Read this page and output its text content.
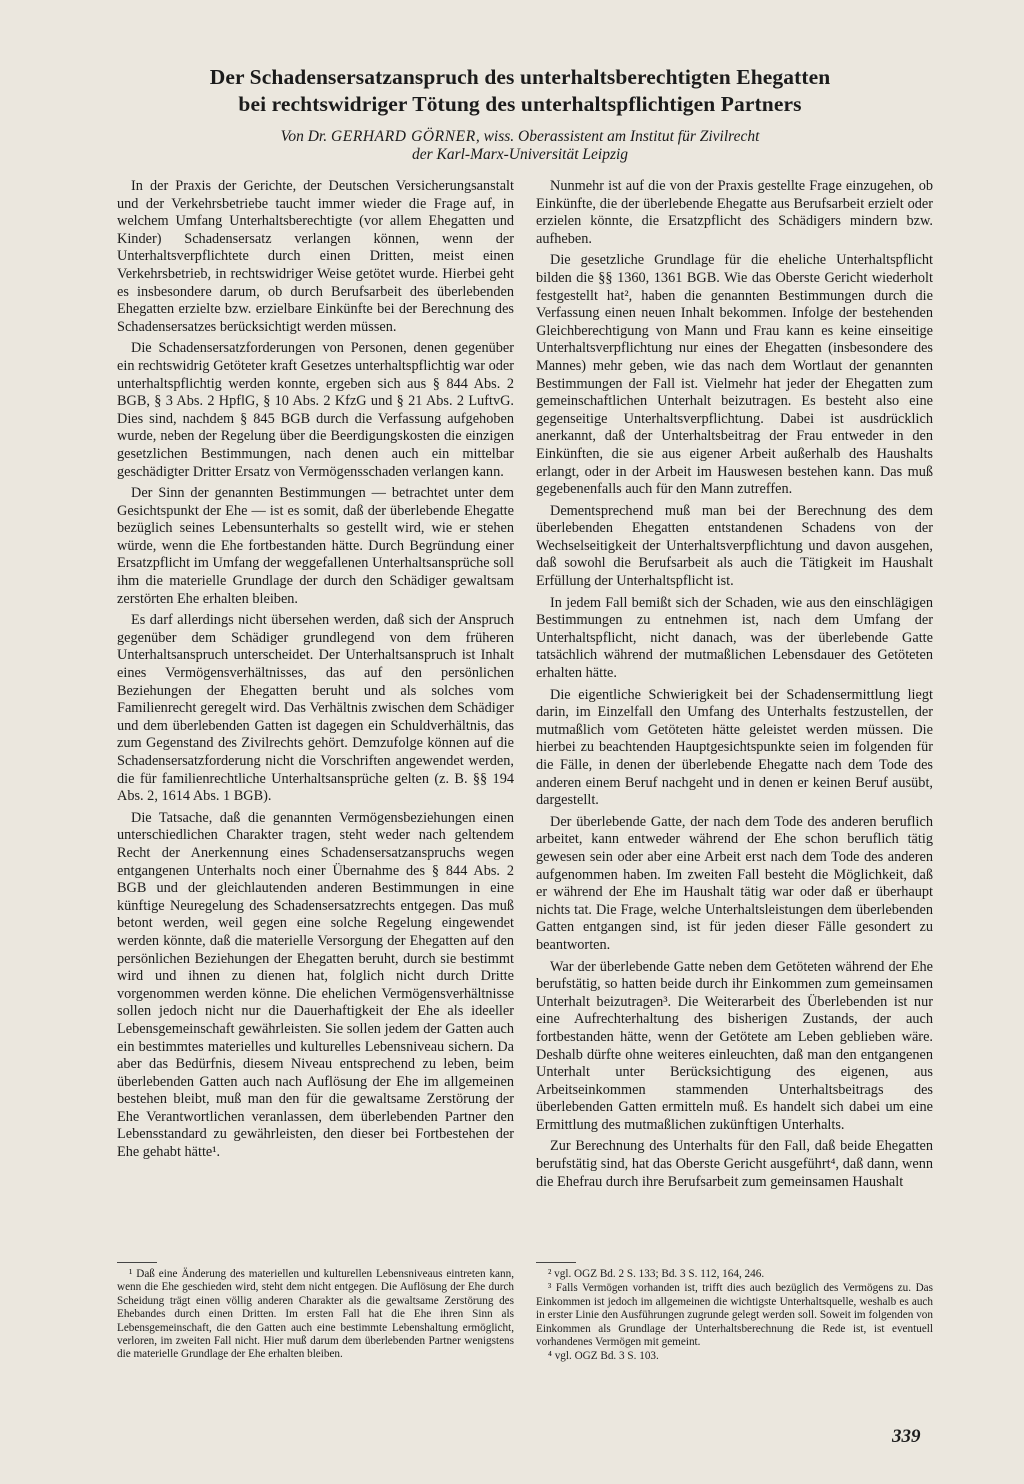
Der Schadensersatzanspruch des unterhaltsberechtigten Ehegatten
bei rechtswidriger Tötung des unterhaltspflichtigen Partners
Von Dr. GERHARD GÖRNER, wiss. Oberassistent am Institut für Zivilrecht
der Karl-Marx-Universität Leipzig

In der Praxis der Gerichte, der Deutschen Versicherungsanstalt und der Verkehrsbetriebe taucht immer wieder die Frage auf, in welchem Umfang Unterhaltsberechtigte (vor allem Ehegatten und Kinder) Schadensersatz verlangen können, wenn der Unterhaltsverpflichtete durch einen Dritten, meist einen Verkehrsbetrieb, in rechtswidriger Weise getötet wurde. Hierbei geht es insbesondere darum, ob durch Berufsarbeit des überlebenden Ehegatten erzielte bzw. erzielbare Einkünfte bei der Berechnung des Schadensersatzes berücksichtigt werden müssen.

Die Schadensersatzforderungen von Personen, denen gegenüber ein rechtswidrig Getöteter kraft Gesetzes unterhaltspflichtig war oder unterhaltspflichtig werden konnte, ergeben sich aus § 844 Abs. 2 BGB, § 3 Abs. 2 HpflG, § 10 Abs. 2 KfzG und § 21 Abs. 2 LuftvG. Dies sind, nachdem § 845 BGB durch die Verfassung aufgehoben wurde, neben der Regelung über die Beerdigungskosten die einzigen gesetzlichen Bestimmungen, nach denen auch ein mittelbar geschädigter Dritter Ersatz von Vermögensschaden verlangen kann.

Der Sinn der genannten Bestimmungen — betrachtet unter dem Gesichtspunkt der Ehe — ist es somit, daß der überlebende Ehegatte bezüglich seines Lebensunterhalts so gestellt wird, wie er stehen würde, wenn die Ehe fortbestanden hätte. Durch Begründung einer Ersatzpflicht im Umfang der weggefallenen Unterhaltsansprüche soll ihm die materielle Grundlage der durch den Schädiger gewaltsam zerstörten Ehe erhalten bleiben.

Es darf allerdings nicht übersehen werden, daß sich der Anspruch gegenüber dem Schädiger grundlegend von dem früheren Unterhaltsanspruch unterscheidet. Der Unterhaltsanspruch ist Inhalt eines Vermögensverhältnisses, das auf den persönlichen Beziehungen der Ehegatten beruht und als solches vom Familienrecht geregelt wird. Das Verhältnis zwischen dem Schädiger und dem überlebenden Gatten ist dagegen ein Schuldverhältnis, das zum Gegenstand des Zivilrechts gehört. Demzufolge können auf die Schadensersatzforderung nicht die Vorschriften angewendet werden, die für familienrechtliche Unterhaltsansprüche gelten (z. B. §§ 194 Abs. 2, 1614 Abs. 1 BGB).

Die Tatsache, daß die genannten Vermögensbeziehungen einen unterschiedlichen Charakter tragen, steht weder nach geltendem Recht der Anerkennung eines Schadensersatzanspruchs wegen entgangenen Unterhalts noch einer Übernahme des § 844 Abs. 2 BGB und der gleichlautenden anderen Bestimmungen in eine künftige Neuregelung des Schadensersatzrechts entgegen. Das muß betont werden, weil gegen eine solche Regelung eingewendet werden könnte, daß die materielle Versorgung der Ehegatten auf den persönlichen Beziehungen der Ehegatten beruht, durch sie bestimmt wird und ihnen zu dienen hat, folglich nicht durch Dritte vorgenommen werden könne. Die ehelichen Vermögensverhältnisse sollen jedoch nicht nur die Dauerhaftigkeit der Ehe als ideeller Lebensgemeinschaft gewährleisten. Sie sollen jedem der Gatten auch ein bestimmtes materielles und kulturelles Lebensniveau sichern. Da aber das Bedürfnis, diesem Niveau entsprechend zu leben, beim überlebenden Gatten auch nach Auflösung der Ehe im allgemeinen bestehen bleibt, muß man den für die gewaltsame Zerstörung der Ehe Verantwortlichen veranlassen, dem überlebenden Partner den Lebensstandard zu gewährleisten, den dieser bei Fortbestehen der Ehe gehabt hätte¹.

Nunmehr ist auf die von der Praxis gestellte Frage einzugehen, ob Einkünfte, die der überlebende Ehegatte aus Berufsarbeit erzielt oder erzielen könnte, die Ersatzpflicht des Schädigers mindern bzw. aufheben.

Die gesetzliche Grundlage für die eheliche Unterhaltspflicht bilden die §§ 1360, 1361 BGB. Wie das Oberste Gericht wiederholt festgestellt hat², haben die genannten Bestimmungen durch die Verfassung einen neuen Inhalt bekommen. Infolge der bestehenden Gleichberechtigung von Mann und Frau kann es keine einseitige Unterhaltsverpflichtung nur eines der Ehegatten (insbesondere des Mannes) mehr geben, wie das nach dem Wortlaut der genannten Bestimmungen der Fall ist. Vielmehr hat jeder der Ehegatten zum gemeinschaftlichen Unterhalt beizutragen. Es besteht also eine gegenseitige Unterhaltsverpflichtung. Dabei ist ausdrücklich anerkannt, daß der Unterhaltsbeitrag der Frau entweder in den Einkünften, die sie aus eigener Arbeit außerhalb des Haushalts erlangt, oder in der Arbeit im Hauswesen bestehen kann. Das muß gegebenenfalls auch für den Mann zutreffen.

Dementsprechend muß man bei der Berechnung des dem überlebenden Ehegatten entstandenen Schadens von der Wechselseitigkeit der Unterhaltsverpflichtung und davon ausgehen, daß sowohl die Berufsarbeit als auch die Tätigkeit im Haushalt Erfüllung der Unterhaltspflicht ist.

In jedem Fall bemißt sich der Schaden, wie aus den einschlägigen Bestimmungen zu entnehmen ist, nach dem Umfang der Unterhaltspflicht, nicht danach, was der überlebende Gatte tatsächlich während der mutmaßlichen Lebensdauer des Getöteten erhalten hätte.

Die eigentliche Schwierigkeit bei der Schadensermittlung liegt darin, im Einzelfall den Umfang des Unterhalts festzustellen, der mutmaßlich vom Getöteten hätte geleistet werden müssen. Die hierbei zu beachtenden Hauptgesichtspunkte seien im folgenden für die Fälle, in denen der überlebende Ehegatte nach dem Tode des anderen einem Beruf nachgeht und in denen er keinen Beruf ausübt, dargestellt.

Der überlebende Gatte, der nach dem Tode des anderen beruflich arbeitet, kann entweder während der Ehe schon beruflich tätig gewesen sein oder aber eine Arbeit erst nach dem Tode des anderen aufgenommen haben. Im zweiten Fall besteht die Möglichkeit, daß er während der Ehe im Haushalt tätig war oder daß er überhaupt nichts tat. Die Frage, welche Unterhaltsleistungen dem überlebenden Gatten entgangen sind, ist für jeden dieser Fälle gesondert zu beantworten.

War der überlebende Gatte neben dem Getöteten während der Ehe berufstätig, so hatten beide durch ihr Einkommen zum gemeinsamen Unterhalt beizutragen³. Die Weiterarbeit des Überlebenden ist nur eine Aufrechterhaltung des bisherigen Zustands, der auch fortbestanden hätte, wenn der Getötete am Leben geblieben wäre. Deshalb dürfte ohne weiteres einleuchten, daß man den entgangenen Unterhalt unter Berücksichtigung des eigenen, aus Arbeitseinkommen stammenden Unterhaltsbeitrags des überlebenden Gatten ermitteln muß. Es handelt sich dabei um eine Ermittlung des mutmaßlichen zukünftigen Unterhalts.

Zur Berechnung des Unterhalts für den Fall, daß beide Ehegatten berufstätig sind, hat das Oberste Gericht ausgeführt⁴, daß dann, wenn die Ehefrau durch ihre Berufsarbeit zum gemeinsamen Haushalt

¹ Daß eine Änderung des materiellen und kulturellen Lebensniveaus eintreten kann, wenn die Ehe geschieden wird, steht dem nicht entgegen. Die Auflösung der Ehe durch Scheidung trägt einen völlig anderen Charakter als die gewaltsame Zerstörung des Ehebandes durch einen Dritten. Im ersten Fall hat die Ehe ihren Sinn als Lebensgemeinschaft, die den Gatten auch eine bestimmte Lebenshaltung ermöglicht, verloren, im zweiten Fall nicht. Hier muß darum dem überlebenden Partner wenigstens die materielle Grundlage der Ehe erhalten bleiben.

² vgl. OGZ Bd. 2 S. 133; Bd. 3 S. 112, 164, 246.

³ Falls Vermögen vorhanden ist, trifft dies auch bezüglich des Vermögens zu. Das Einkommen ist jedoch im allgemeinen die wichtigste Unterhaltsquelle, weshalb es auch in erster Linie den Ausführungen zugrunde gelegt werden soll. Soweit im folgenden von Einkommen als Grundlage der Unterhaltsberechnung die Rede ist, ist eventuell vorhandenes Vermögen mit gemeint.

⁴ vgl. OGZ Bd. 3 S. 103.

339
